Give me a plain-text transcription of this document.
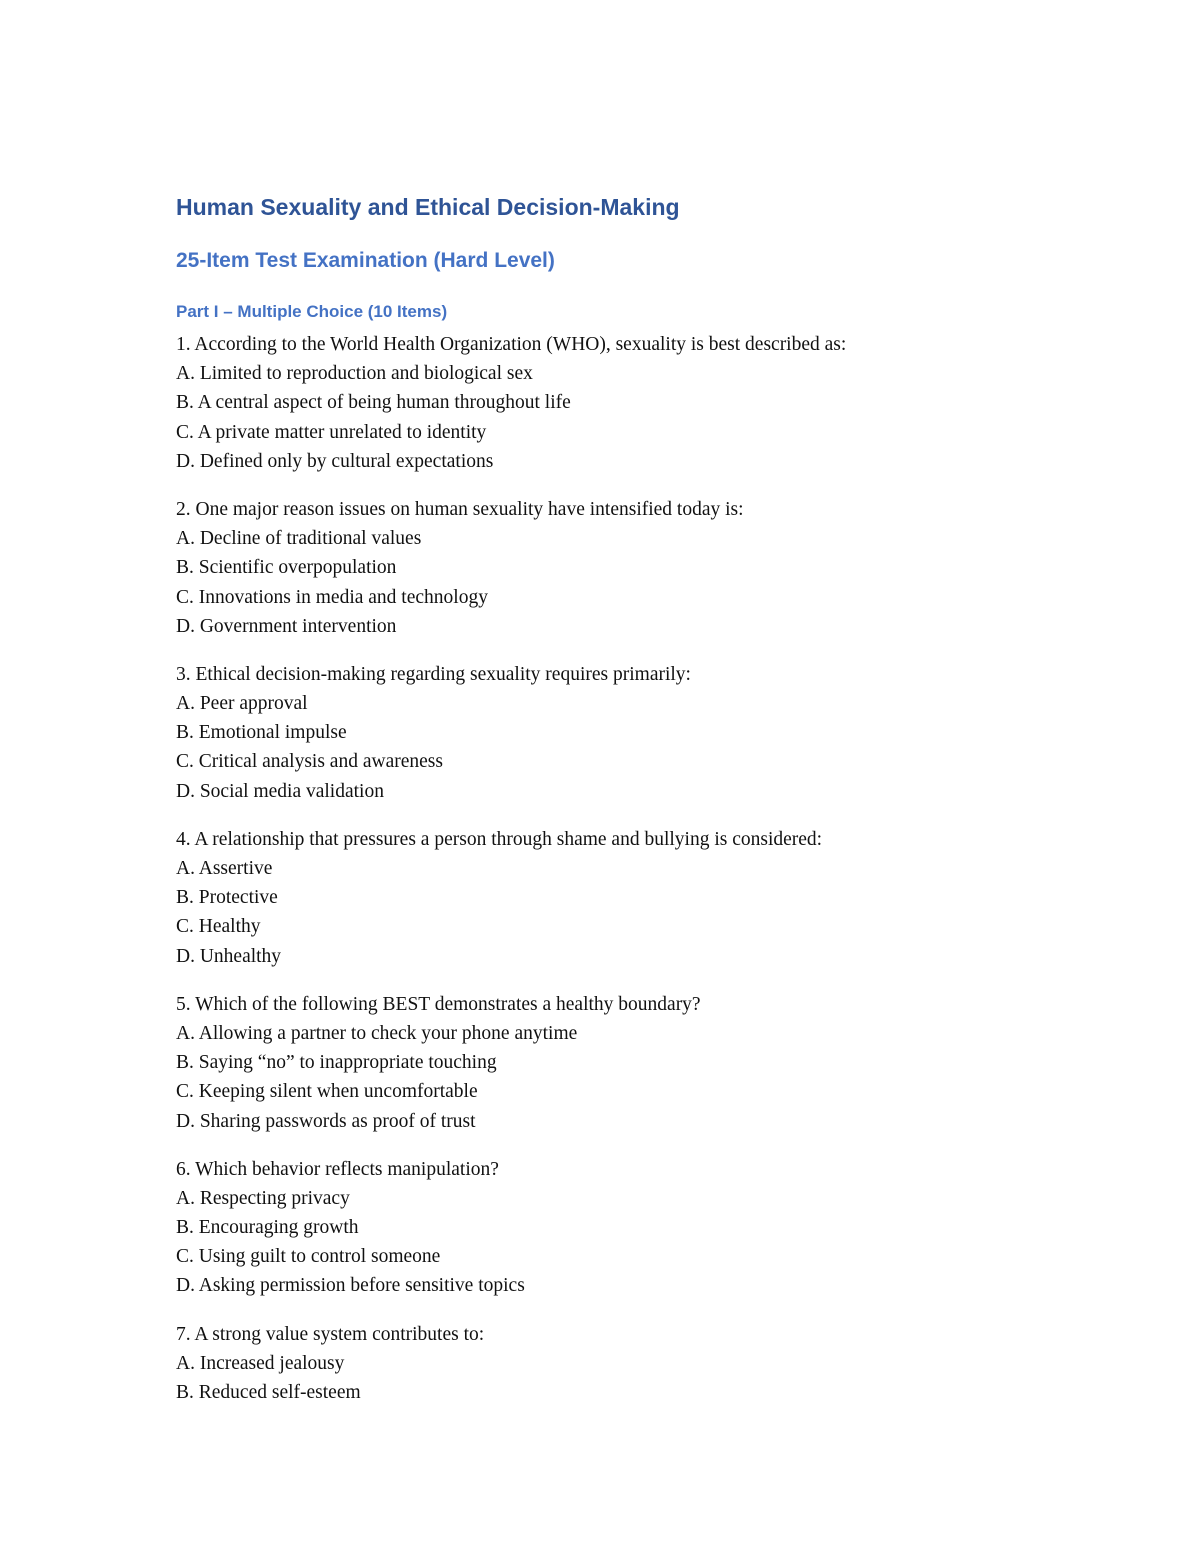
Human Sexuality and Ethical Decision-Making
25-Item Test Examination (Hard Level)
Part I – Multiple Choice (10 Items)
1. According to the World Health Organization (WHO), sexuality is best described as:
A. Limited to reproduction and biological sex
B. A central aspect of being human throughout life
C. A private matter unrelated to identity
D. Defined only by cultural expectations
2. One major reason issues on human sexuality have intensified today is:
A. Decline of traditional values
B. Scientific overpopulation
C. Innovations in media and technology
D. Government intervention
3. Ethical decision-making regarding sexuality requires primarily:
A. Peer approval
B. Emotional impulse
C. Critical analysis and awareness
D. Social media validation
4. A relationship that pressures a person through shame and bullying is considered:
A. Assertive
B. Protective
C. Healthy
D. Unhealthy
5. Which of the following BEST demonstrates a healthy boundary?
A. Allowing a partner to check your phone anytime
B. Saying “no” to inappropriate touching
C. Keeping silent when uncomfortable
D. Sharing passwords as proof of trust
6. Which behavior reflects manipulation?
A. Respecting privacy
B. Encouraging growth
C. Using guilt to control someone
D. Asking permission before sensitive topics
7. A strong value system contributes to:
A. Increased jealousy
B. Reduced self-esteem
